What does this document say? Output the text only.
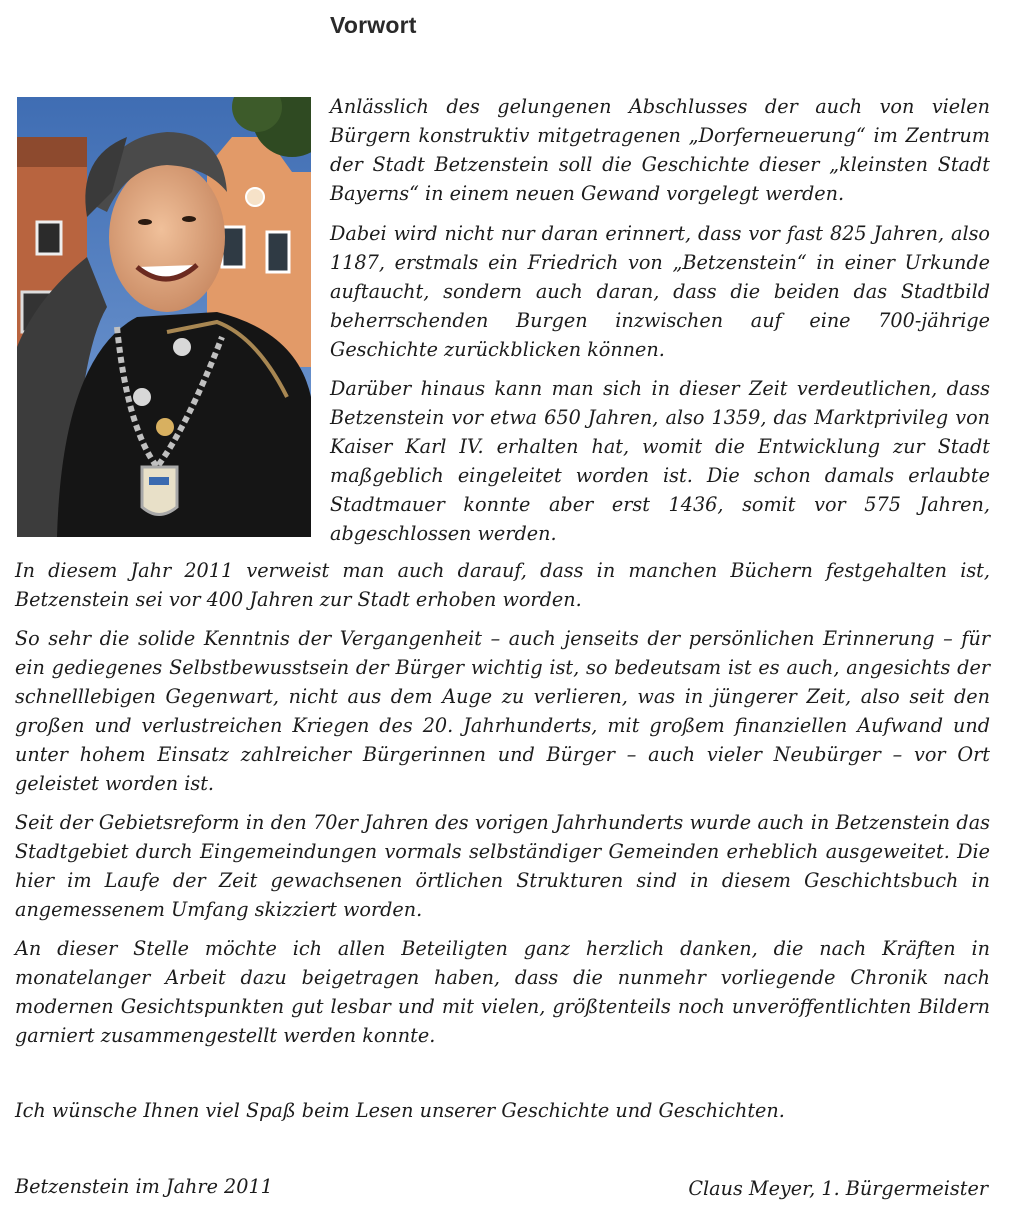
Vorwort

Anlässlich des gelungenen Abschlusses der auch von vielen Bürgern konstruktiv mitgetragenen „Dorferneuerung“ im Zentrum der Stadt Betzenstein soll die Geschichte dieser „kleinsten Stadt Bayerns“ in einem neuen Gewand vorgelegt werden.

Dabei wird nicht nur daran erinnert, dass vor fast 825 Jahren, also 1187, erstmals ein Friedrich von „Betzenstein“ in einer Urkunde auftaucht, sondern auch daran, dass die beiden das Stadtbild beherrschenden Burgen inzwischen auf eine 700-jährige Geschichte zurückblicken können.

Darüber hinaus kann man sich in dieser Zeit verdeutlichen, dass Betzenstein vor etwa 650 Jahren, also 1359, das Marktprivileg von Kaiser Karl IV. erhalten hat, womit die Entwicklung zur Stadt maßgeblich eingeleitet worden ist. Die schon damals erlaubte Stadtmauer konnte aber erst 1436, somit vor 575 Jahren, abgeschlossen werden.

In diesem Jahr 2011 verweist man auch darauf, dass in manchen Büchern festgehalten ist, Betzenstein sei vor 400 Jahren zur Stadt erhoben worden.

So sehr die solide Kenntnis der Vergangenheit – auch jenseits der persönlichen Erinnerung – für ein gediegenes Selbstbewusstsein der Bürger wichtig ist, so bedeutsam ist es auch, angesichts der schnelllebigen Gegenwart, nicht aus dem Auge zu verlieren, was in jüngerer Zeit, also seit den großen und verlustreichen Kriegen des 20. Jahrhunderts, mit großem finanziellen Aufwand und unter hohem Einsatz zahlreicher Bürgerinnen und Bürger – auch vieler Neubürger – vor Ort geleistet worden ist.

Seit der Gebietsreform in den 70er Jahren des vorigen Jahrhunderts wurde auch in Betzenstein das Stadtgebiet durch Eingemeindungen vormals selbständiger Gemeinden erheblich ausgeweitet. Die hier im Laufe der Zeit gewachsenen örtlichen Strukturen sind in diesem Geschichtsbuch in angemessenem Umfang skizziert worden.

An dieser Stelle möchte ich allen Beteiligten ganz herzlich danken, die nach Kräften in monatelanger Arbeit dazu beigetragen haben, dass die nunmehr vorliegende Chronik nach modernen Gesichtspunkten gut lesbar und mit vielen, größtenteils noch unveröffentlichten Bildern garniert zusammengestellt werden konnte.

Ich wünsche Ihnen viel Spaß beim Lesen unserer Geschichte und Geschichten.

Betzenstein im Jahre 2011	Claus Meyer, 1. Bürgermeister
